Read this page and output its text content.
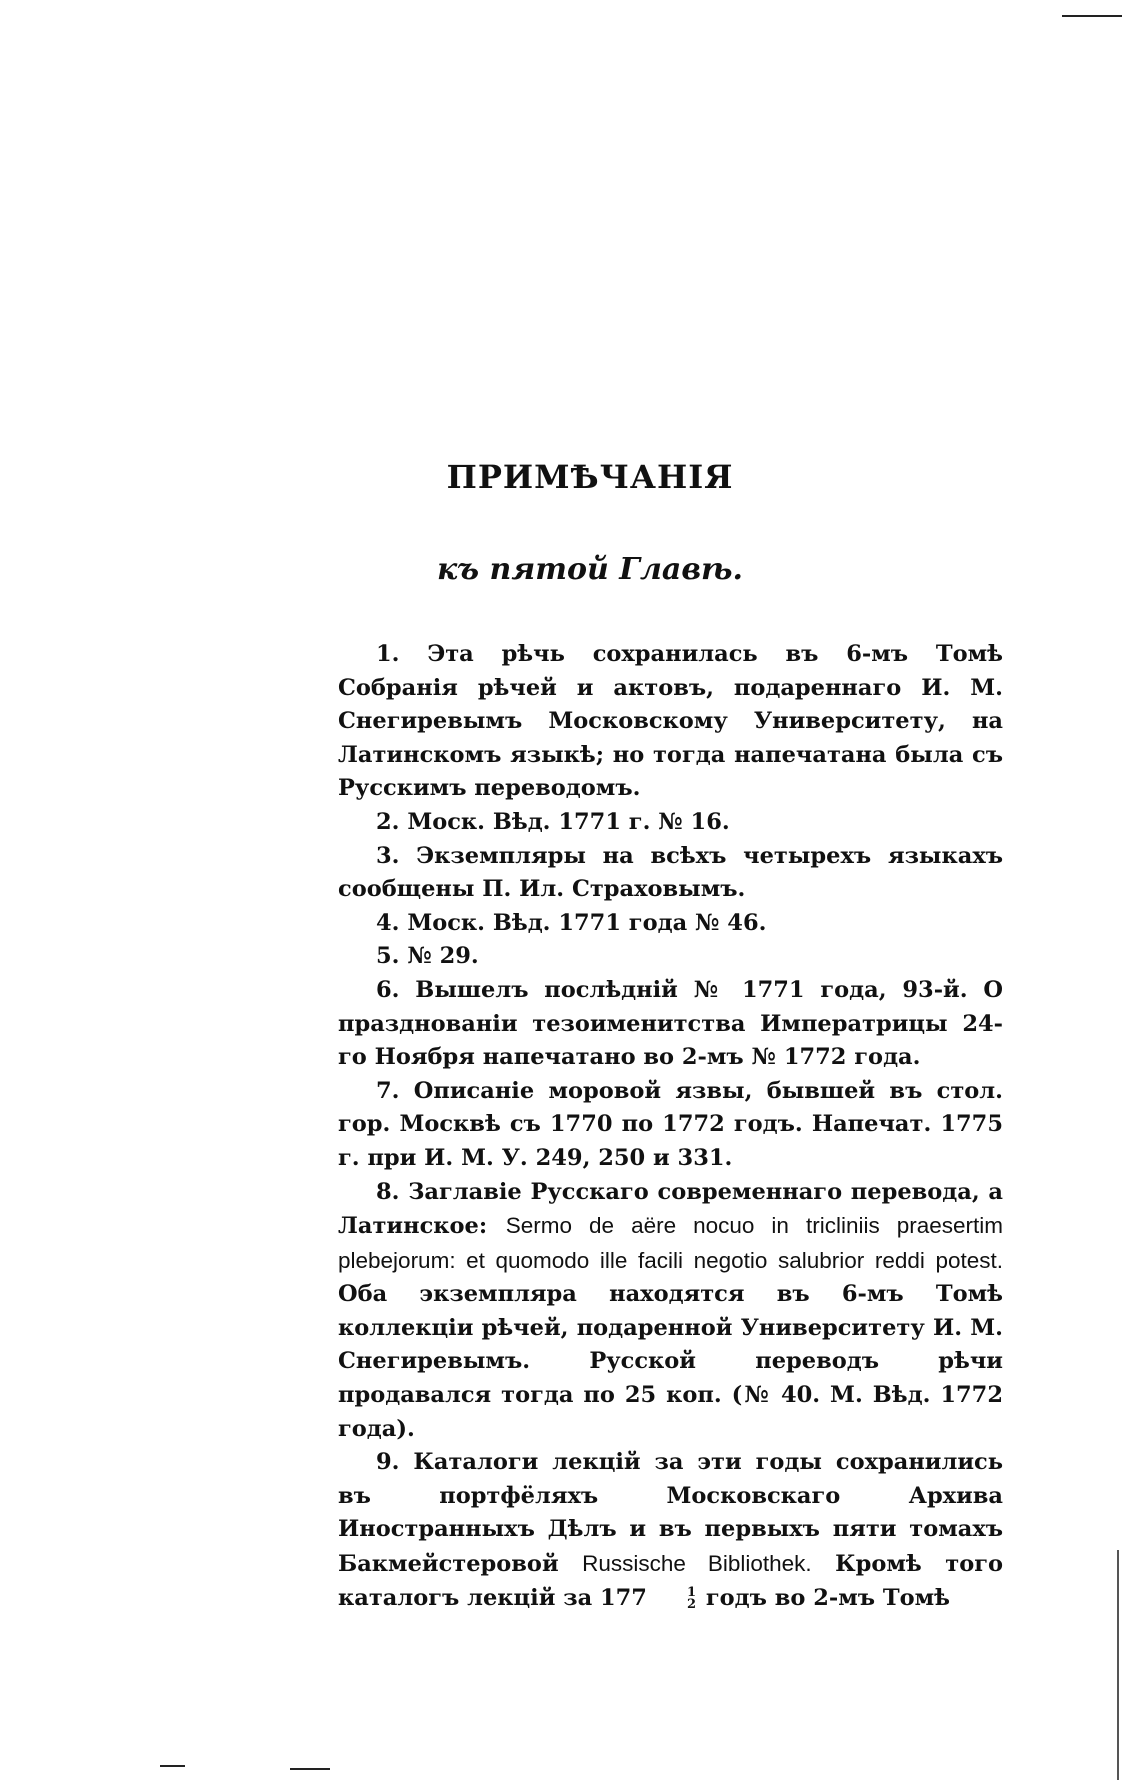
ПРИМѢЧАНІЯ
къ пятой Главѣ.

1. Эта рѣчь сохранилась въ 6-мъ Томѣ Собранія рѣчей и актовъ, подареннаго И. М. Снегиревымъ Московскому Университету, на Латинскомъ языкѣ; но тогда напечатана была съ Русскимъ переводомъ.

2. Моск. Вѣд. 1771 г. № 16.

3. Экземпляры на всѣхъ четырехъ языкахъ сообщены П. Ил. Страховымъ.

4. Моск. Вѣд. 1771 года № 46.

5. № 29.

6. Вышелъ послѣдній № 1771 года, 93-й. О празднованіи тезоименитства Императрицы 24-го Ноября напечатано во 2-мъ № 1772 года.

7. Описаніе моровой язвы, бывшей въ стол. гор. Москвѣ съ 1770 по 1772 годъ. Напечат. 1775 г. при И. М. У. 249, 250 и 331.

8. Заглавіе Русскаго современнаго перевода, а Латинское: Sermo de aёre nocuo in tricliniis praesertim plebejorum: et quomodo ille facili negotio salubrior reddi potest. Оба экземпляра находятся въ 6-мъ Томѣ коллекціи рѣчей, подаренной Университету И. М. Снегиревымъ. Русской переводъ рѣчи продавался тогда по 25 коп. (№ 40. М. Вѣд. 1772 года).

9. Каталоги лекцій за эти годы сохранились въ портфёляхъ Московскаго Архива Иностранныхъ Дѣлъ и въ первыхъ пяти томахъ Бакмейстеровой Russische Bibliothek. Кромѣ того каталогъ лекцій за 177	1
2 годъ во 2-мъ Томѣ
